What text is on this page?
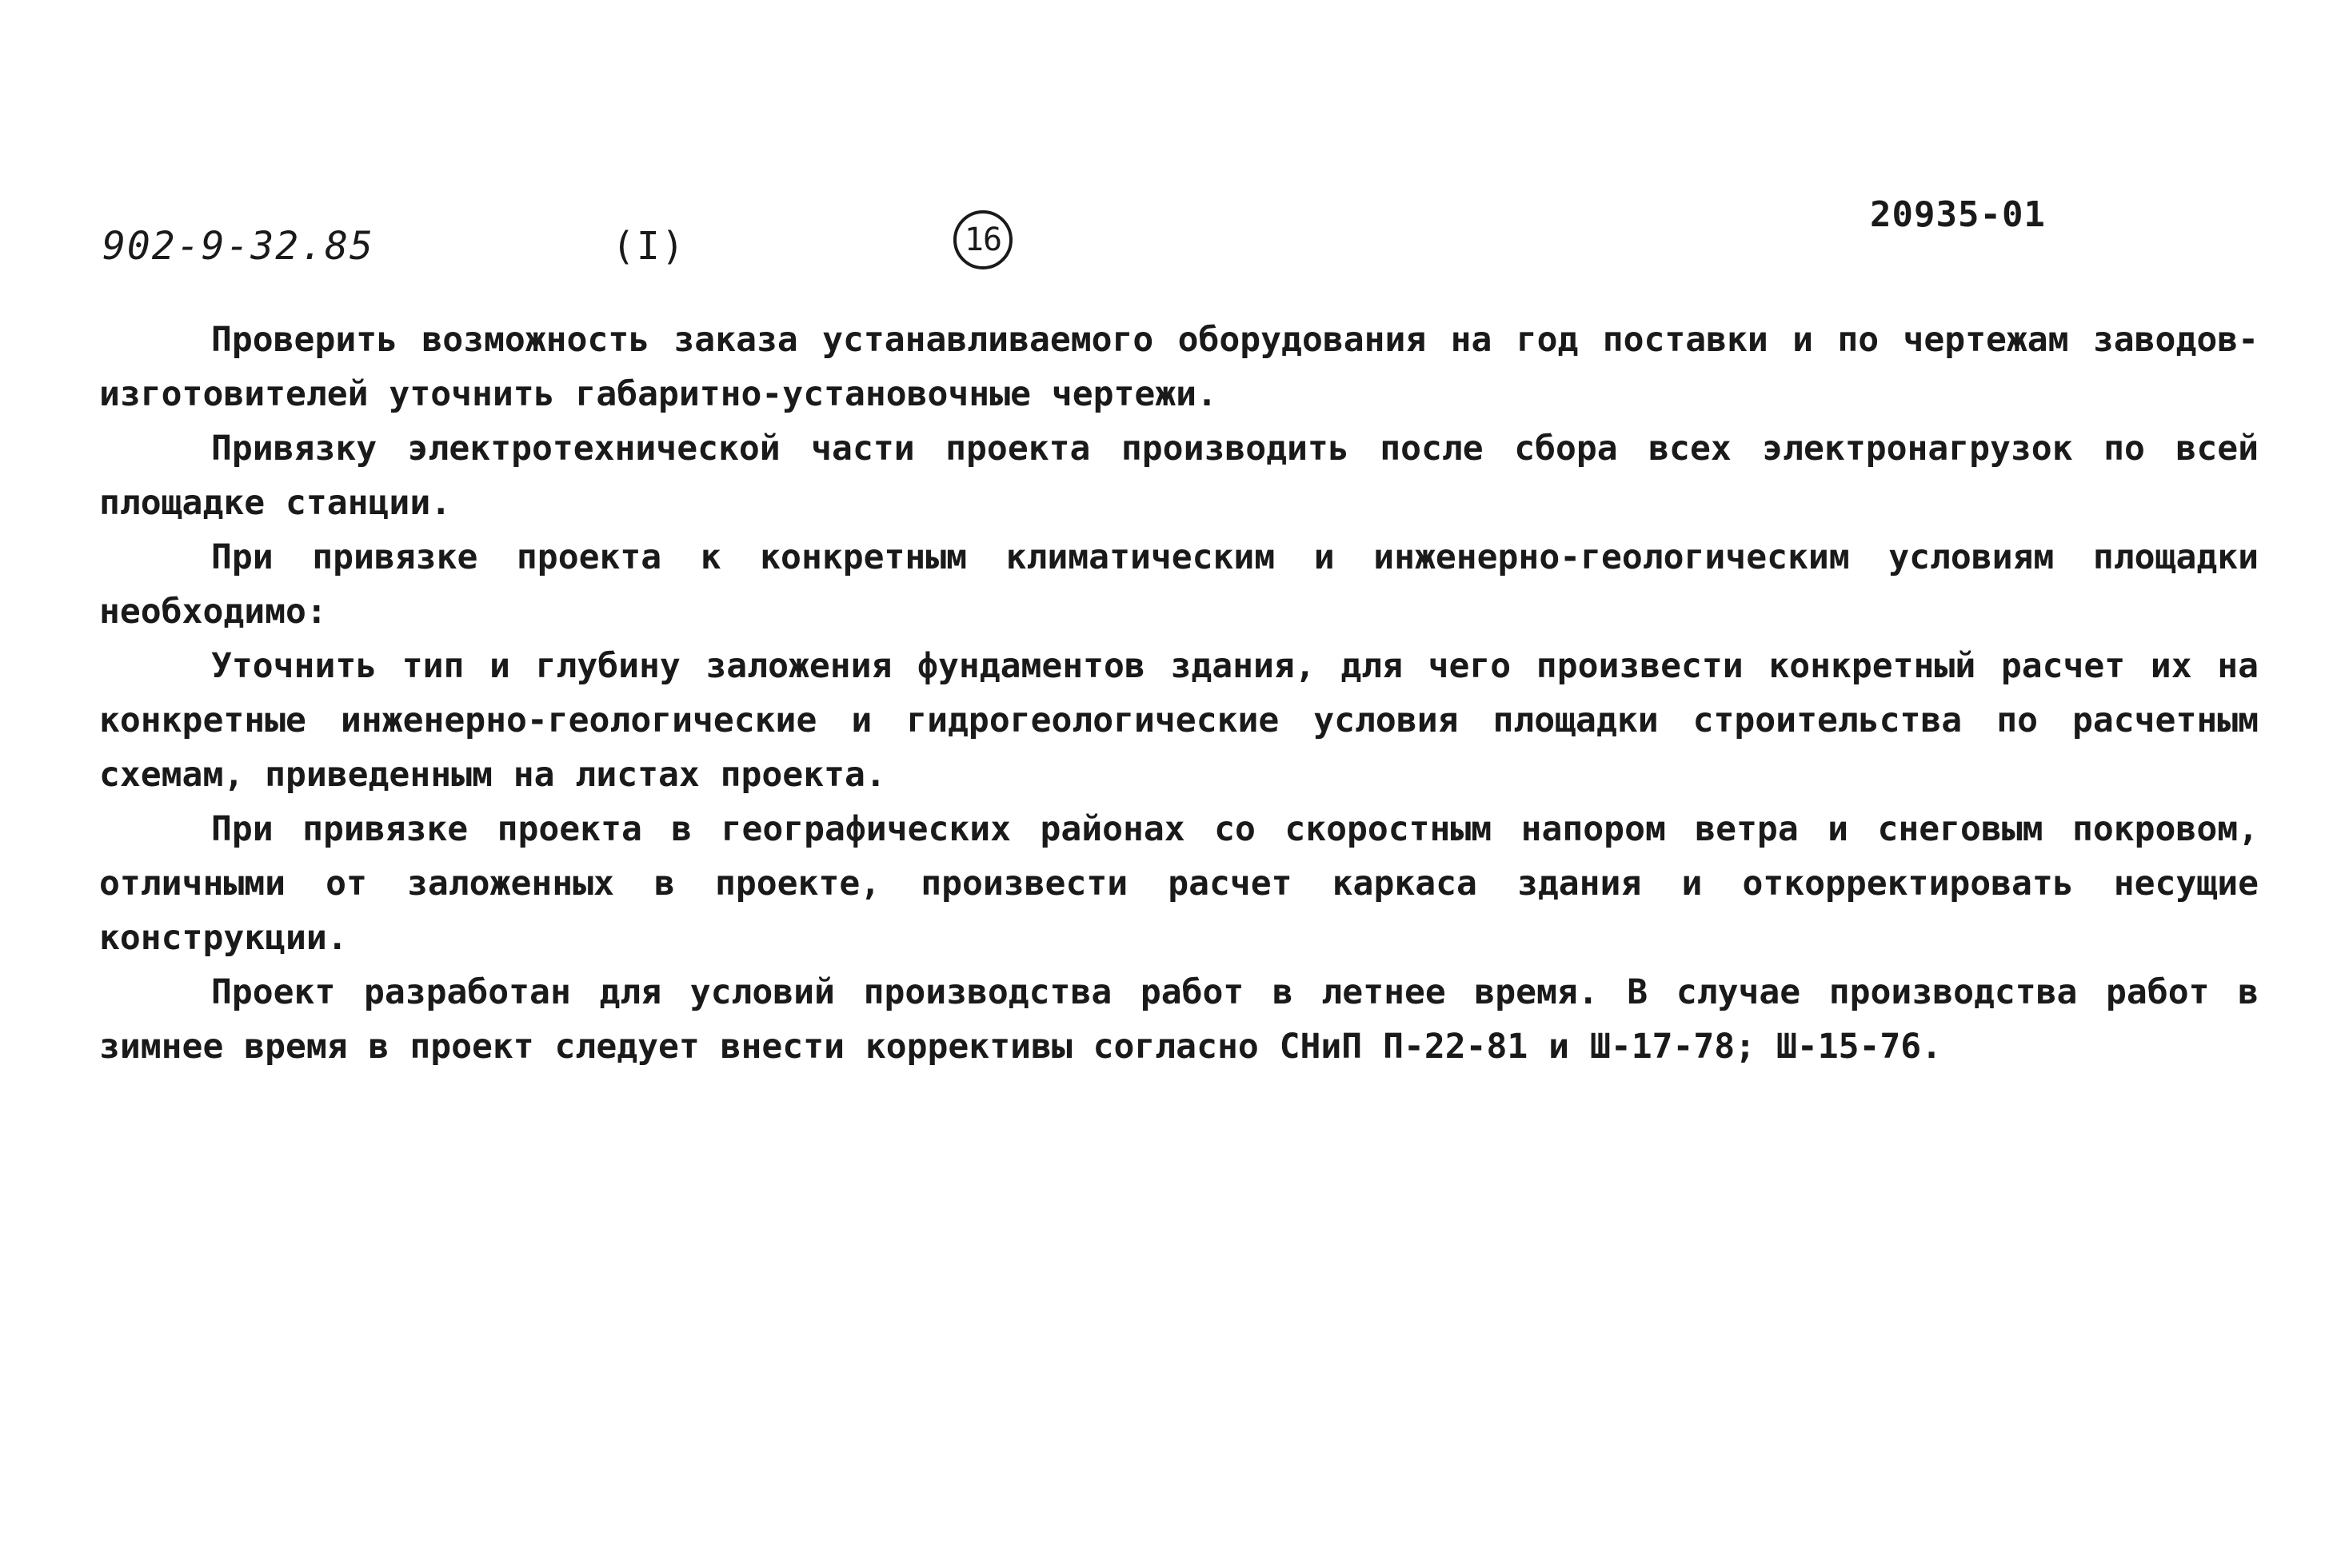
902-9-32.85	(I)	16
20935-01

Проверить возможность заказа устанавливаемого оборудования на год поставки и по чертежам заводов-изготовителей уточнить габаритно-установочные чертежи.

Привязку электротехнической части проекта производить после сбора всех электронагрузок по всей площадке станции.

При привязке проекта к конкретным климатическим и инженерно-геологическим условиям площадки необходимо:

Уточнить тип и глубину заложения фундаментов здания, для чего произвести конкретный расчет их на конкретные инженерно-геологические и гидрогеологические условия площадки строительства по расчетным схемам, приведенным на листах проекта.

При привязке проекта в географических районах со скоростным напором ветра и снеговым покровом, отличными от заложенных в проекте, произвести расчет каркаса здания и откорректировать несущие конструкции.

Проект разработан для условий производства работ в летнее время. В случае производства работ в зимнее время в проект следует внести коррективы согласно СНиП П-22-81 и Ш-17-78; Ш-15-76.
